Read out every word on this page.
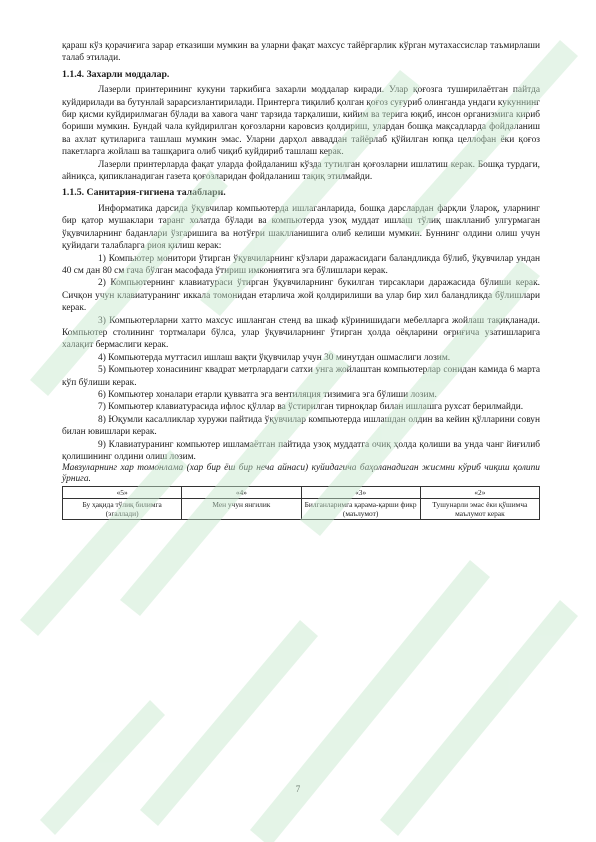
қараш кўз қорачиғига зарар етказиши мумкин ва уларни фақат махсус тайёргарлик кўрган мутахассислар таъмирлаши талаб этилади.

1.1.4. Захарли моддалар.

Лазерли принтерининг кукуни таркибига захарли моддалар киради. Улар қоғозга туширилаётган пайтда куйдирилади ва бутунлай зарарсизлантирилади. Принтерга тиқилиб қолган қоғоз суғуриб олинганда ундаги кукуннинг бир қисми куйдирилмаган бўлади ва хавога чанг тарзида тарқалиши, кийим ва терига юқиб, инсон организмига кириб бориши мумкин. Бундай чала куйдирилган қоғозларни каровсиз қолдириш, улардан бошқа мақсадларда фойдаланиш ва ахлат қутиларига ташлаш мумкин эмас. Уларни дарҳол авваддан тайёрлаб қўйилган юпқа целлофан ёки қоғоз пакетларга жойлаш ва ташқарига олиб чиқиб куйдириб ташлаш керак.

Лазерли принтерларда фақат уларда фойдаланиш кўзда тутилган қоғозларни ишлатиш керак. Бошқа турдаги, айниқса, қипикланадиган газета қоғозларидан фойдаланиш тақиқ этилмайди.

1.1.5. Санитария-гигиена талаблари.

Информатика дарсида ўқувчилар компьютерда ишлаганларида, бошқа дарслардан фарқли ўлароқ, уларнинг бир қатор мушаклари таранг холатда бўлади ва компьютерда узоқ муддат ишлаш тўлиқ шаклланиб улгурмаган ўқувчиларнинг баданлари ўзгаришига ва нотўғри шаклланишига олиб келиши мумкин. Буннинг олдини олиш учун қуйидаги талабларга риоя қилиш керак:

1) Компьютер монитори ўтирган ўқувчиларнинг кўзлари даражасидаги баландликда бўлиб, ўқувчилар ундан 40 см дан 80 см гача бўлган масофада ўтириш имкониятига эга бўлишлари керак.

2) Компьютернинг клавиатураси ўтирган ўқувчиларнинг букилган тирсаклари даражасида бўлиши керак. Сичқон учун клавиатуранинг иккала томонидан етарлича жой қолдирилиши ва улар бир хил баландликда бўлишлари керак.

3) Компьютерларни хатто махсус ишланган стенд ва шкаф кўринишидаги мебелларга жойлаш тақиқланади. Компьютер столининг тортмалари бўлса, улар ўқувчиларнинг ўтирган ҳолда оёқларини оғриғича узатишларига халақит бермаслиги керак.

4) Компьютерда муттасил ишлаш вақти ўқувчилар учун 30 минутдан ошмаслиги лозим.

5) Компьютер хонасининг квадрат метрлардаги сатхи унга жойлаштан компьютерлар сонидан камида 6 марта кўп бўлиши керак.

6) Компьютер хоналари етарли қувватга эга вентиляция тизимига эга бўлиши лозим.

7) Компьютер клавиатурасида ифлос қўллар ва ўстирилган тирноқлар билан ишлашга рухсат берилмайди.

8) Юқумли касалликлар хуружи пайтида ўқувчилар компьютерда ишлашдан олдин ва кейин қўлларини совун билан ювишлари керак.

9) Клавиатуранинг компьютер ишламаётган пайтида узоқ муддатга очиқ ҳолда қолиши ва унда чанг йиғилиб қолишининг олдини олиш лозим.

Мавзуларнинг хар томонлама (хар бир ёш бир неча айнаси) куйидагича баҳоланадиган жисмни кўриб чиқиш қолипи ўрнига.

«5»	«4»	«3»	«2»
Бу ҳақида тўлиқ билимга (эгаллади)	Мен учун янгилик	Билганларимга қарама-қарши фикр (маълумот)	Тушунарли эмас ёки қўшимча маълумот керак
7
